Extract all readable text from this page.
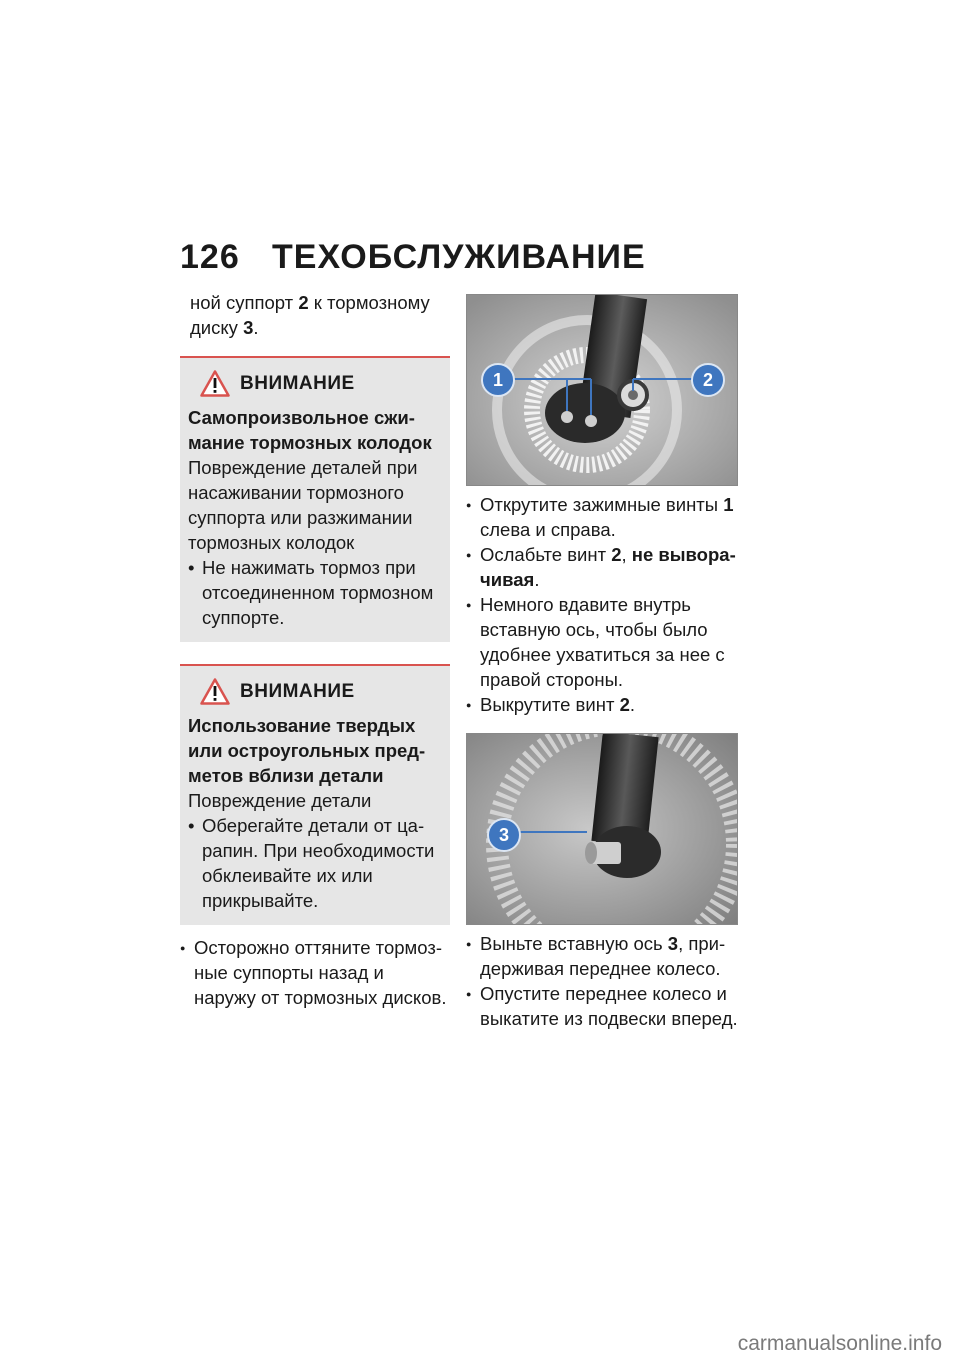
126 ТЕХОБСЛУЖИВАНИЕ
ной суппорт 2 к тормозному диску 3.
ВНИМАНИЕ
Самопроизвольное сжимание тормозных колодок
Повреждение деталей при насаживании тормозного суппорта или разжимании тормозных колодок
• Не нажимать тормоз при отсоединенном тормозном суппорте.
ВНИМАНИЕ
Использование твердых или остроугольных предметов вблизи детали
Повреждение детали
• Оберегайте детали от царапин. При необходимости обклеивайте их или прикрывайте.
● Осторожно оттяните тормозные суппорты назад и наружу от тормозных дисков.
1	2
● Открутите зажимные винты 1 слева и справа.
● Ослабьте винт 2, не выворачивая.
● Немного вдавите внутрь вставную ось, чтобы было удобнее ухватиться за нее с правой стороны.
● Выкрутите винт 2.
3
● Выньте вставную ось 3, придерживая переднее колесо.
● Опустите переднее колесо и выкатите из подвески вперед.
carmanualsonline.info
